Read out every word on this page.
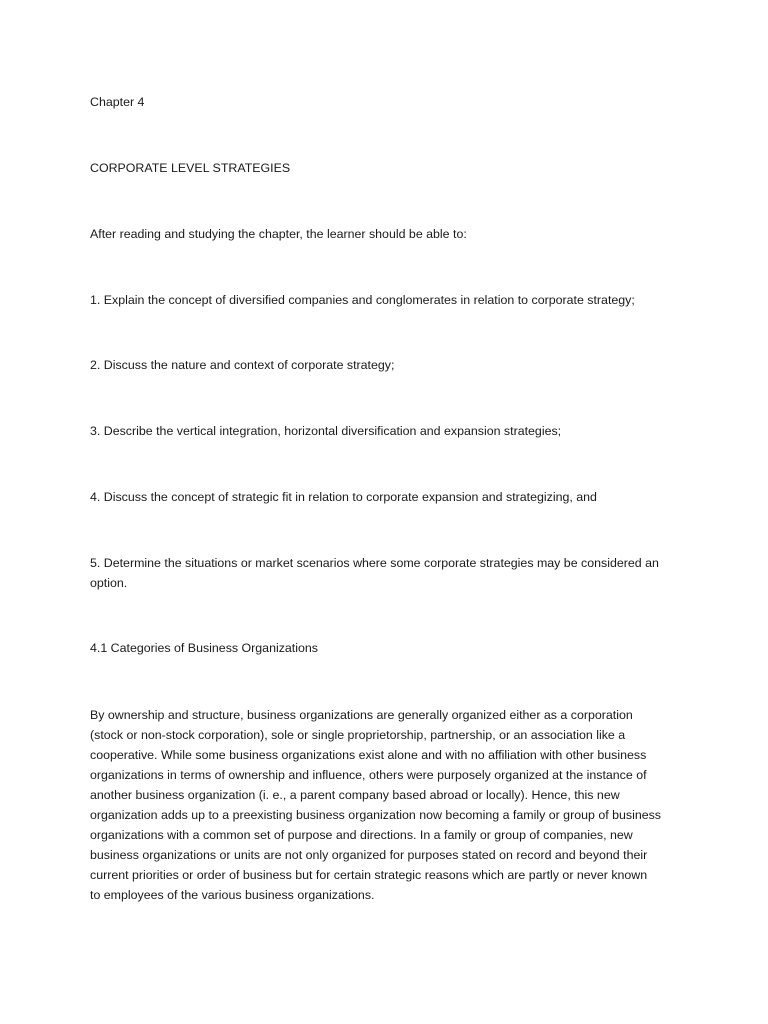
Chapter 4
CORPORATE LEVEL STRATEGIES
After reading and studying the chapter, the learner should be able to:
1. Explain the concept of diversified companies and conglomerates in relation to corporate strategy;
2. Discuss the nature and context of corporate strategy;
3. Describe the vertical integration, horizontal diversification and expansion strategies;
4. Discuss the concept of strategic fit in relation to corporate expansion and strategizing, and
5. Determine the situations or market scenarios where some corporate strategies may be considered an
option.
4.1 Categories of Business Organizations
By ownership and structure, business organizations are generally organized either as a corporation
(stock or non-stock corporation), sole or single proprietorship, partnership, or an association like a
cooperative. While some business organizations exist alone and with no affiliation with other business
organizations in terms of ownership and influence, others were purposely organized at the instance of
another business organization (i. e., a parent company based abroad or locally). Hence, this new
organization adds up to a preexisting business organization now becoming a family or group of business
organizations with a common set of purpose and directions. In a family or group of companies, new
business organizations or units are not only organized for purposes stated on record and beyond their
current priorities or order of business but for certain strategic reasons which are partly or never known
to employees of the various business organizations.
